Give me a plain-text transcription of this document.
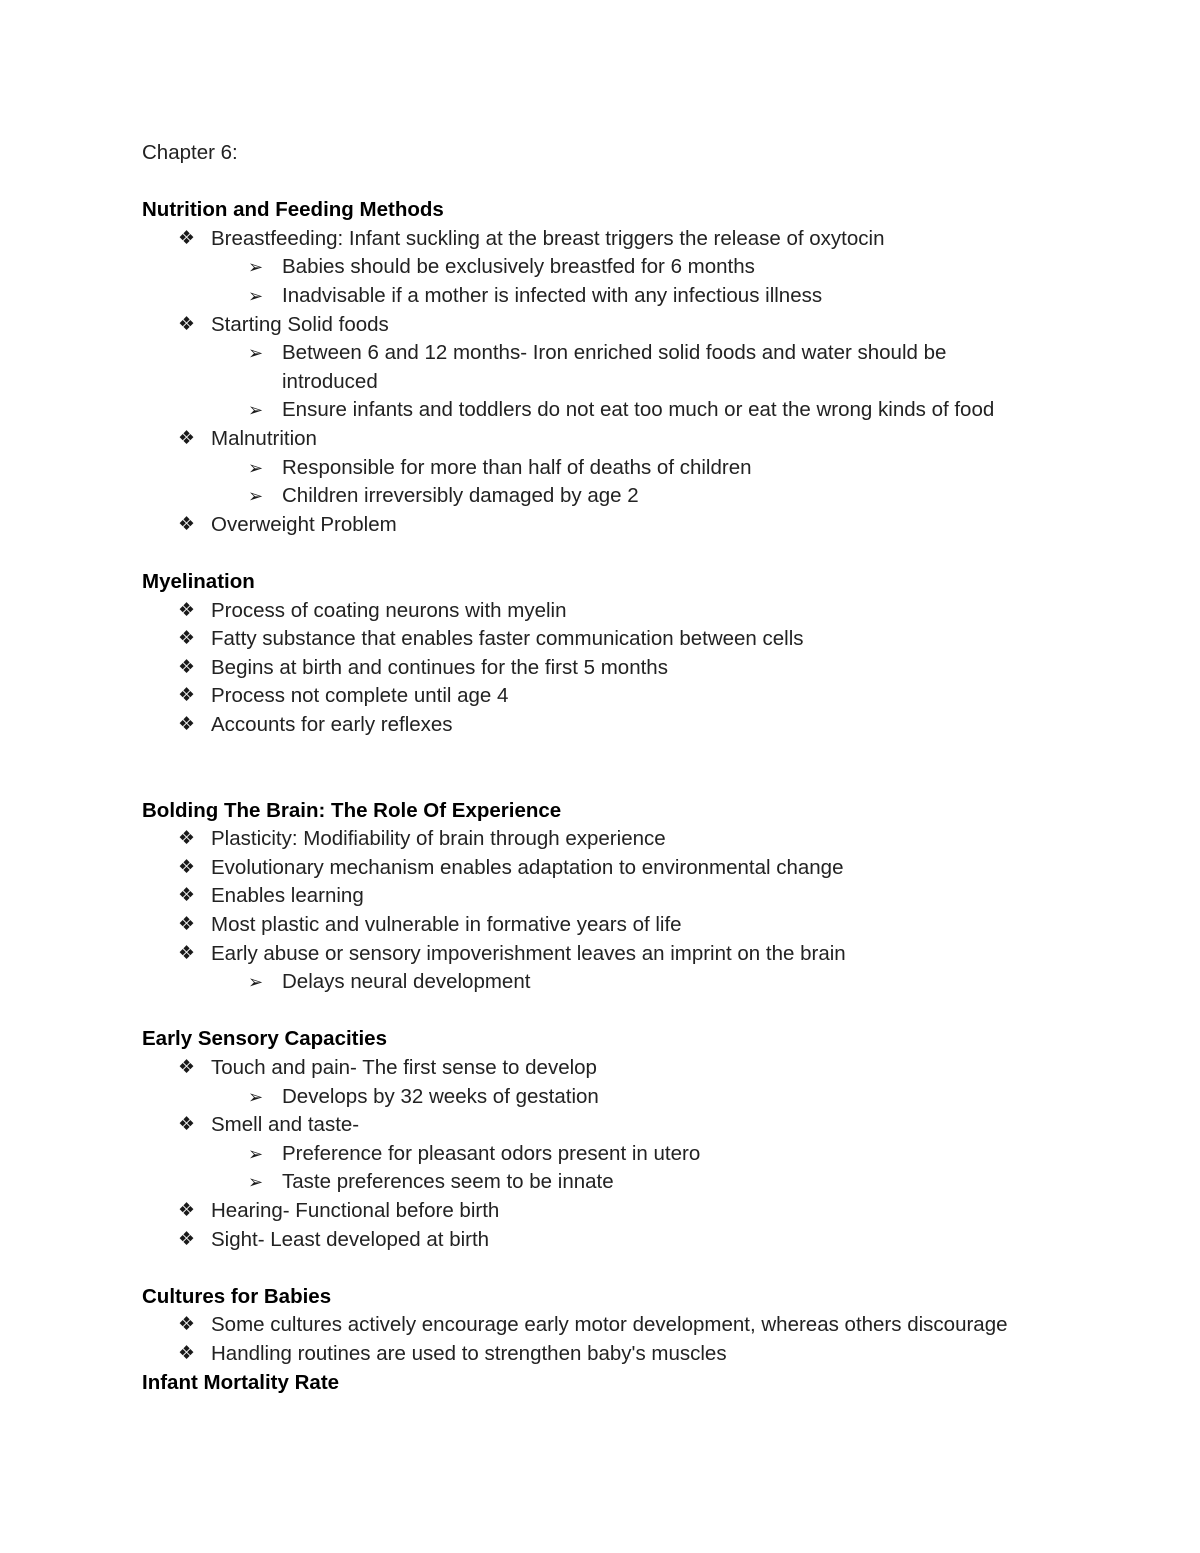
Chapter 6:
Nutrition and Feeding Methods
❖ Breastfeeding: Infant suckling at the breast triggers the release of oxytocin
➢ Babies should be exclusively breastfed for 6 months
➢ Inadvisable if a mother is infected with any infectious illness
❖ Starting Solid foods
➢ Between 6 and 12 months- Iron enriched solid foods and water should be
introduced
➢ Ensure infants and toddlers do not eat too much or eat the wrong kinds of food
❖ Malnutrition
➢ Responsible for more than half of deaths of children
➢ Children irreversibly damaged by age 2
❖ Overweight Problem
Myelination
❖ Process of coating neurons with myelin
❖ Fatty substance that enables faster communication between cells
❖ Begins at birth and continues for the first 5 months
❖ Process not complete until age 4
❖ Accounts for early reflexes
Bolding The Brain: The Role Of Experience
❖ Plasticity: Modifiability of brain through experience
❖ Evolutionary mechanism enables adaptation to environmental change
❖ Enables learning
❖ Most plastic and vulnerable in formative years of life
❖ Early abuse or sensory impoverishment leaves an imprint on the brain
➢ Delays neural development
Early Sensory Capacities
❖ Touch and pain- The first sense to develop
➢ Develops by 32 weeks of gestation
❖ Smell and taste-
➢ Preference for pleasant odors present in utero
➢ Taste preferences seem to be innate
❖ Hearing- Functional before birth
❖ Sight- Least developed at birth
Cultures for Babies
❖ Some cultures actively encourage early motor development, whereas others discourage
❖ Handling routines are used to strengthen baby's muscles
Infant Mortality Rate
